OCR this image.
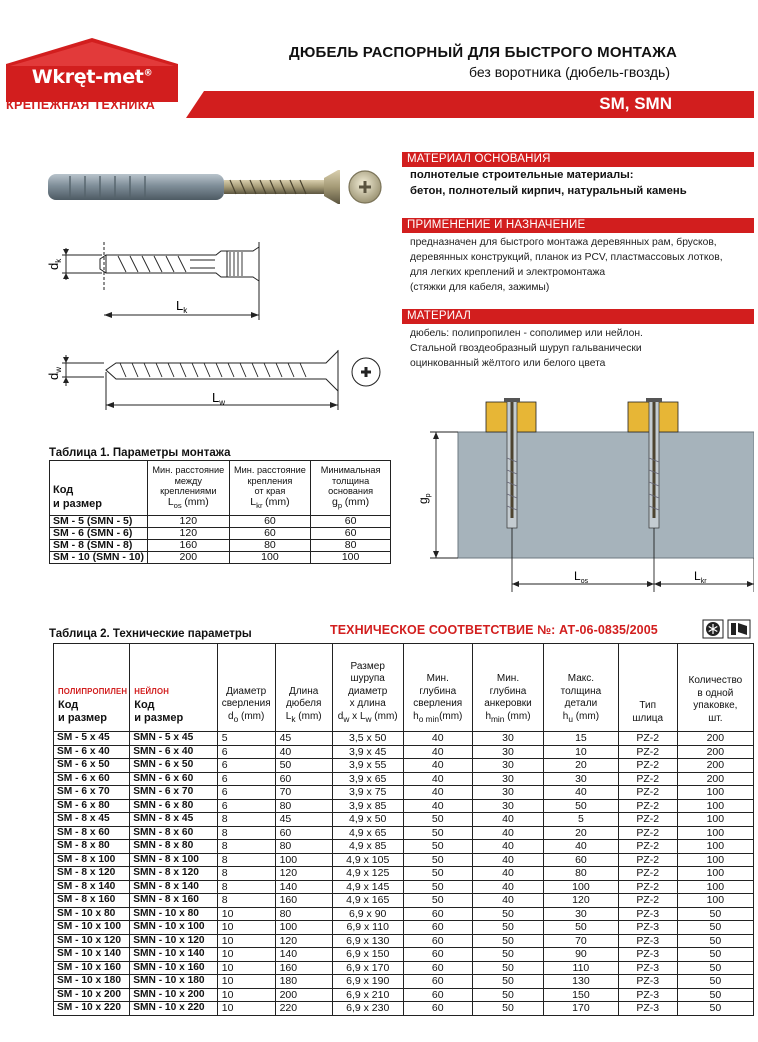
Wkręt-met®
КРЕПЁЖНАЯ ТЕХНИКА
ДЮБЕЛЬ РАСПОРНЫЙ ДЛЯ БЫСТРОГО МОНТАЖА
без воротника (дюбель-гвоздь)
SM, SMN
$d_k$
$L_k$
$d_w$
$L_w$
МАТЕРИАЛ ОСНОВАНИЯ
полнотелые строительные материалы:
бетон, полнотелый кирпич, натуральный камень
ПРИМЕНЕНИЕ И НАЗНАЧЕНИЕ
предназначен для быстрого монтажа деревянных рам, брусков,
деревянных конструкций, планок из PCV, пластмассовых лотков,
для легких креплений и электромонтажа
(стяжки для кабеля, зажимы)
МАТЕРИАЛ
дюбель: полипропилен - сополимер или нейлон.
Стальной гвоздеобразный шуруп гальванически
оцинкованный жёлтого или белого цвета
$g_p$
$L_{os}$	$L_{kr}$
Таблица 1. Параметры монтажа
Код
и размер	Мин. расстояние
между
креплениями
$L_{os}$ (mm)	Мин. расстояние
крепления
от края
$L_{kr}$ (mm)	Минимальная
толщина
основания
$g_p$ (mm)
SM - 5 (SMN - 5)	120	60	60
SM - 6 (SMN - 6)	120	60	60
SM - 8 (SMN - 8)	160	80	80
SM - 10 (SMN - 10)	200	100	100
Таблица 2. Технические параметры	ТЕХНИЧЕСКОЕ СООТВЕТСТВИЕ №: АТ-06-0835/2005
ПОЛИПРОПИЛЕН
Код
и размер	НЕЙЛОН
Код
и размер	Диаметр
сверления
$d_o$ (mm)	Длина
дюбеля
$L_k$ (mm)	Размер
шурупа
диаметр
х длина
$d_w$ x $L_w$ (mm)	Мин.
глубина
сверления
$h_{o min}(mm)$	Мин.
глубина
анкеровки
$h_{min}$ (mm)	Макс.
толщина
детали
$h_u$ (mm)	Тип
шлица	Количество
в одной
упаковке,
шт.
SM - 5 x 45	SMN - 5 x 45	5	45	3,5 x 50	40	30	15	PZ-2	200
SM - 6 x 40	SMN - 6 x 40	6	40	3,9 x 45	40	30	10	PZ-2	200
SM - 6 x 50	SMN - 6 x 50	6	50	3,9 x 55	40	30	20	PZ-2	200
SM - 6 x 60	SMN - 6 x 60	6	60	3,9 x 65	40	30	30	PZ-2	200
SM - 6 x 70	SMN - 6 x 70	6	70	3,9 x 75	40	30	40	PZ-2	100
SM - 6 x 80	SMN - 6 x 80	6	80	3,9 x 85	40	30	50	PZ-2	100
SM - 8 x 45	SMN - 8 x 45	8	45	4,9 x 50	50	40	5	PZ-2	100
SM - 8 x 60	SMN - 8 x 60	8	60	4,9 x 65	50	40	20	PZ-2	100
SM - 8 x 80	SMN - 8 x 80	8	80	4,9 x 85	50	40	40	PZ-2	100
SM - 8 x 100	SMN - 8 x 100	8	100	4,9 x 105	50	40	60	PZ-2	100
SM - 8 x 120	SMN - 8 x 120	8	120	4,9 x 125	50	40	80	PZ-2	100
SM - 8 x 140	SMN - 8 x 140	8	140	4,9 x 145	50	40	100	PZ-2	100
SM - 8 x 160	SMN - 8 x 160	8	160	4,9 x 165	50	40	120	PZ-2	100
SM - 10 x 80	SMN - 10 x 80	10	80	6,9 x 90	60	50	30	PZ-3	50
SM - 10 x 100	SMN - 10 x 100	10	100	6,9 x 110	60	50	50	PZ-3	50
SM - 10 x 120	SMN - 10 x 120	10	120	6,9 x 130	60	50	70	PZ-3	50
SM - 10 x 140	SMN - 10 x 140	10	140	6,9 x 150	60	50	90	PZ-3	50
SM - 10 x 160	SMN - 10 x 160	10	160	6,9 x 170	60	50	110	PZ-3	50
SM - 10 x 180	SMN - 10 x 180	10	180	6,9 x 190	60	50	130	PZ-3	50
SM - 10 x 200	SMN - 10 x 200	10	200	6,9 x 210	60	50	150	PZ-3	50
SM - 10 x 220	SMN - 10 x 220	10	220	6,9 x 230	60	50	170	PZ-3	50
